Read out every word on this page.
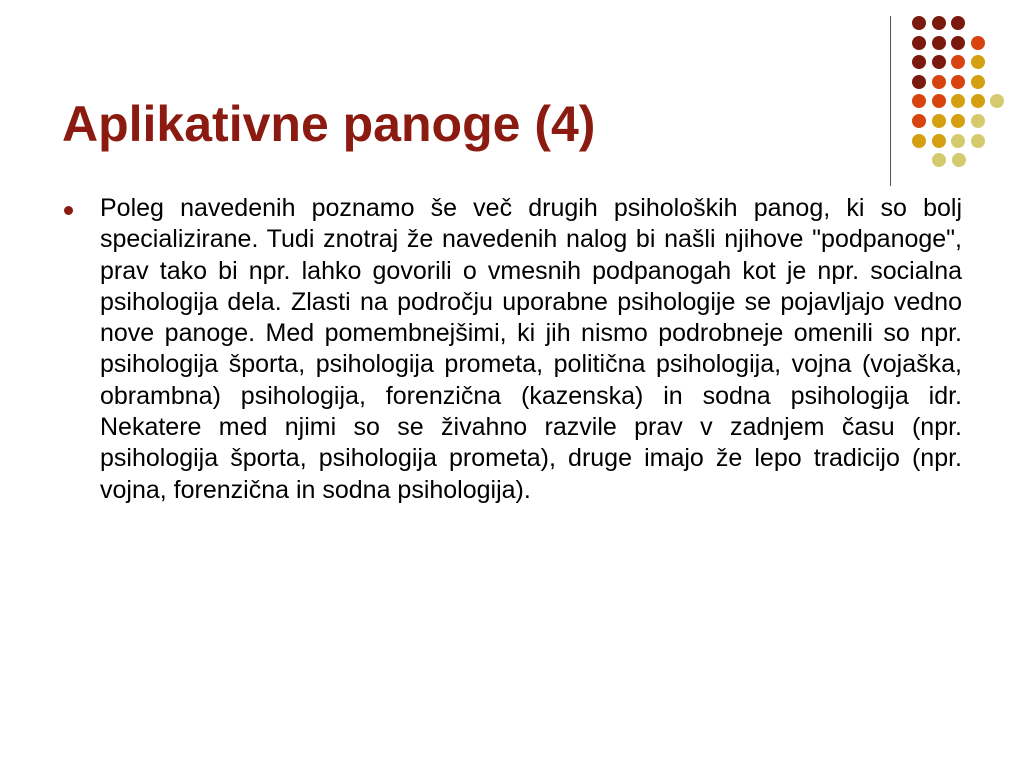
Aplikativne panoge (4)

Poleg navedenih poznamo še več drugih psiholoških panog, ki so bolj specializirane. Tudi znotraj že navedenih nalog bi našli njihove "podpanoge", prav tako bi npr. lahko govorili o vmesnih podpanogah kot je npr. socialna psihologija dela. Zlasti na področju uporabne psihologije se pojavljajo vedno nove panoge. Med pomembnejšimi, ki jih nismo podrobneje omenili so npr. psihologija športa, psihologija prometa, politična psihologija, vojna (vojaška, obrambna) psihologija, forenzična (kazenska) in sodna psihologija idr. Nekatere med njimi so se živahno razvile prav v zadnjem času (npr. psihologija športa, psihologija prometa), druge imajo že lepo tradicijo (npr. vojna, forenzična in sodna psihologija).
